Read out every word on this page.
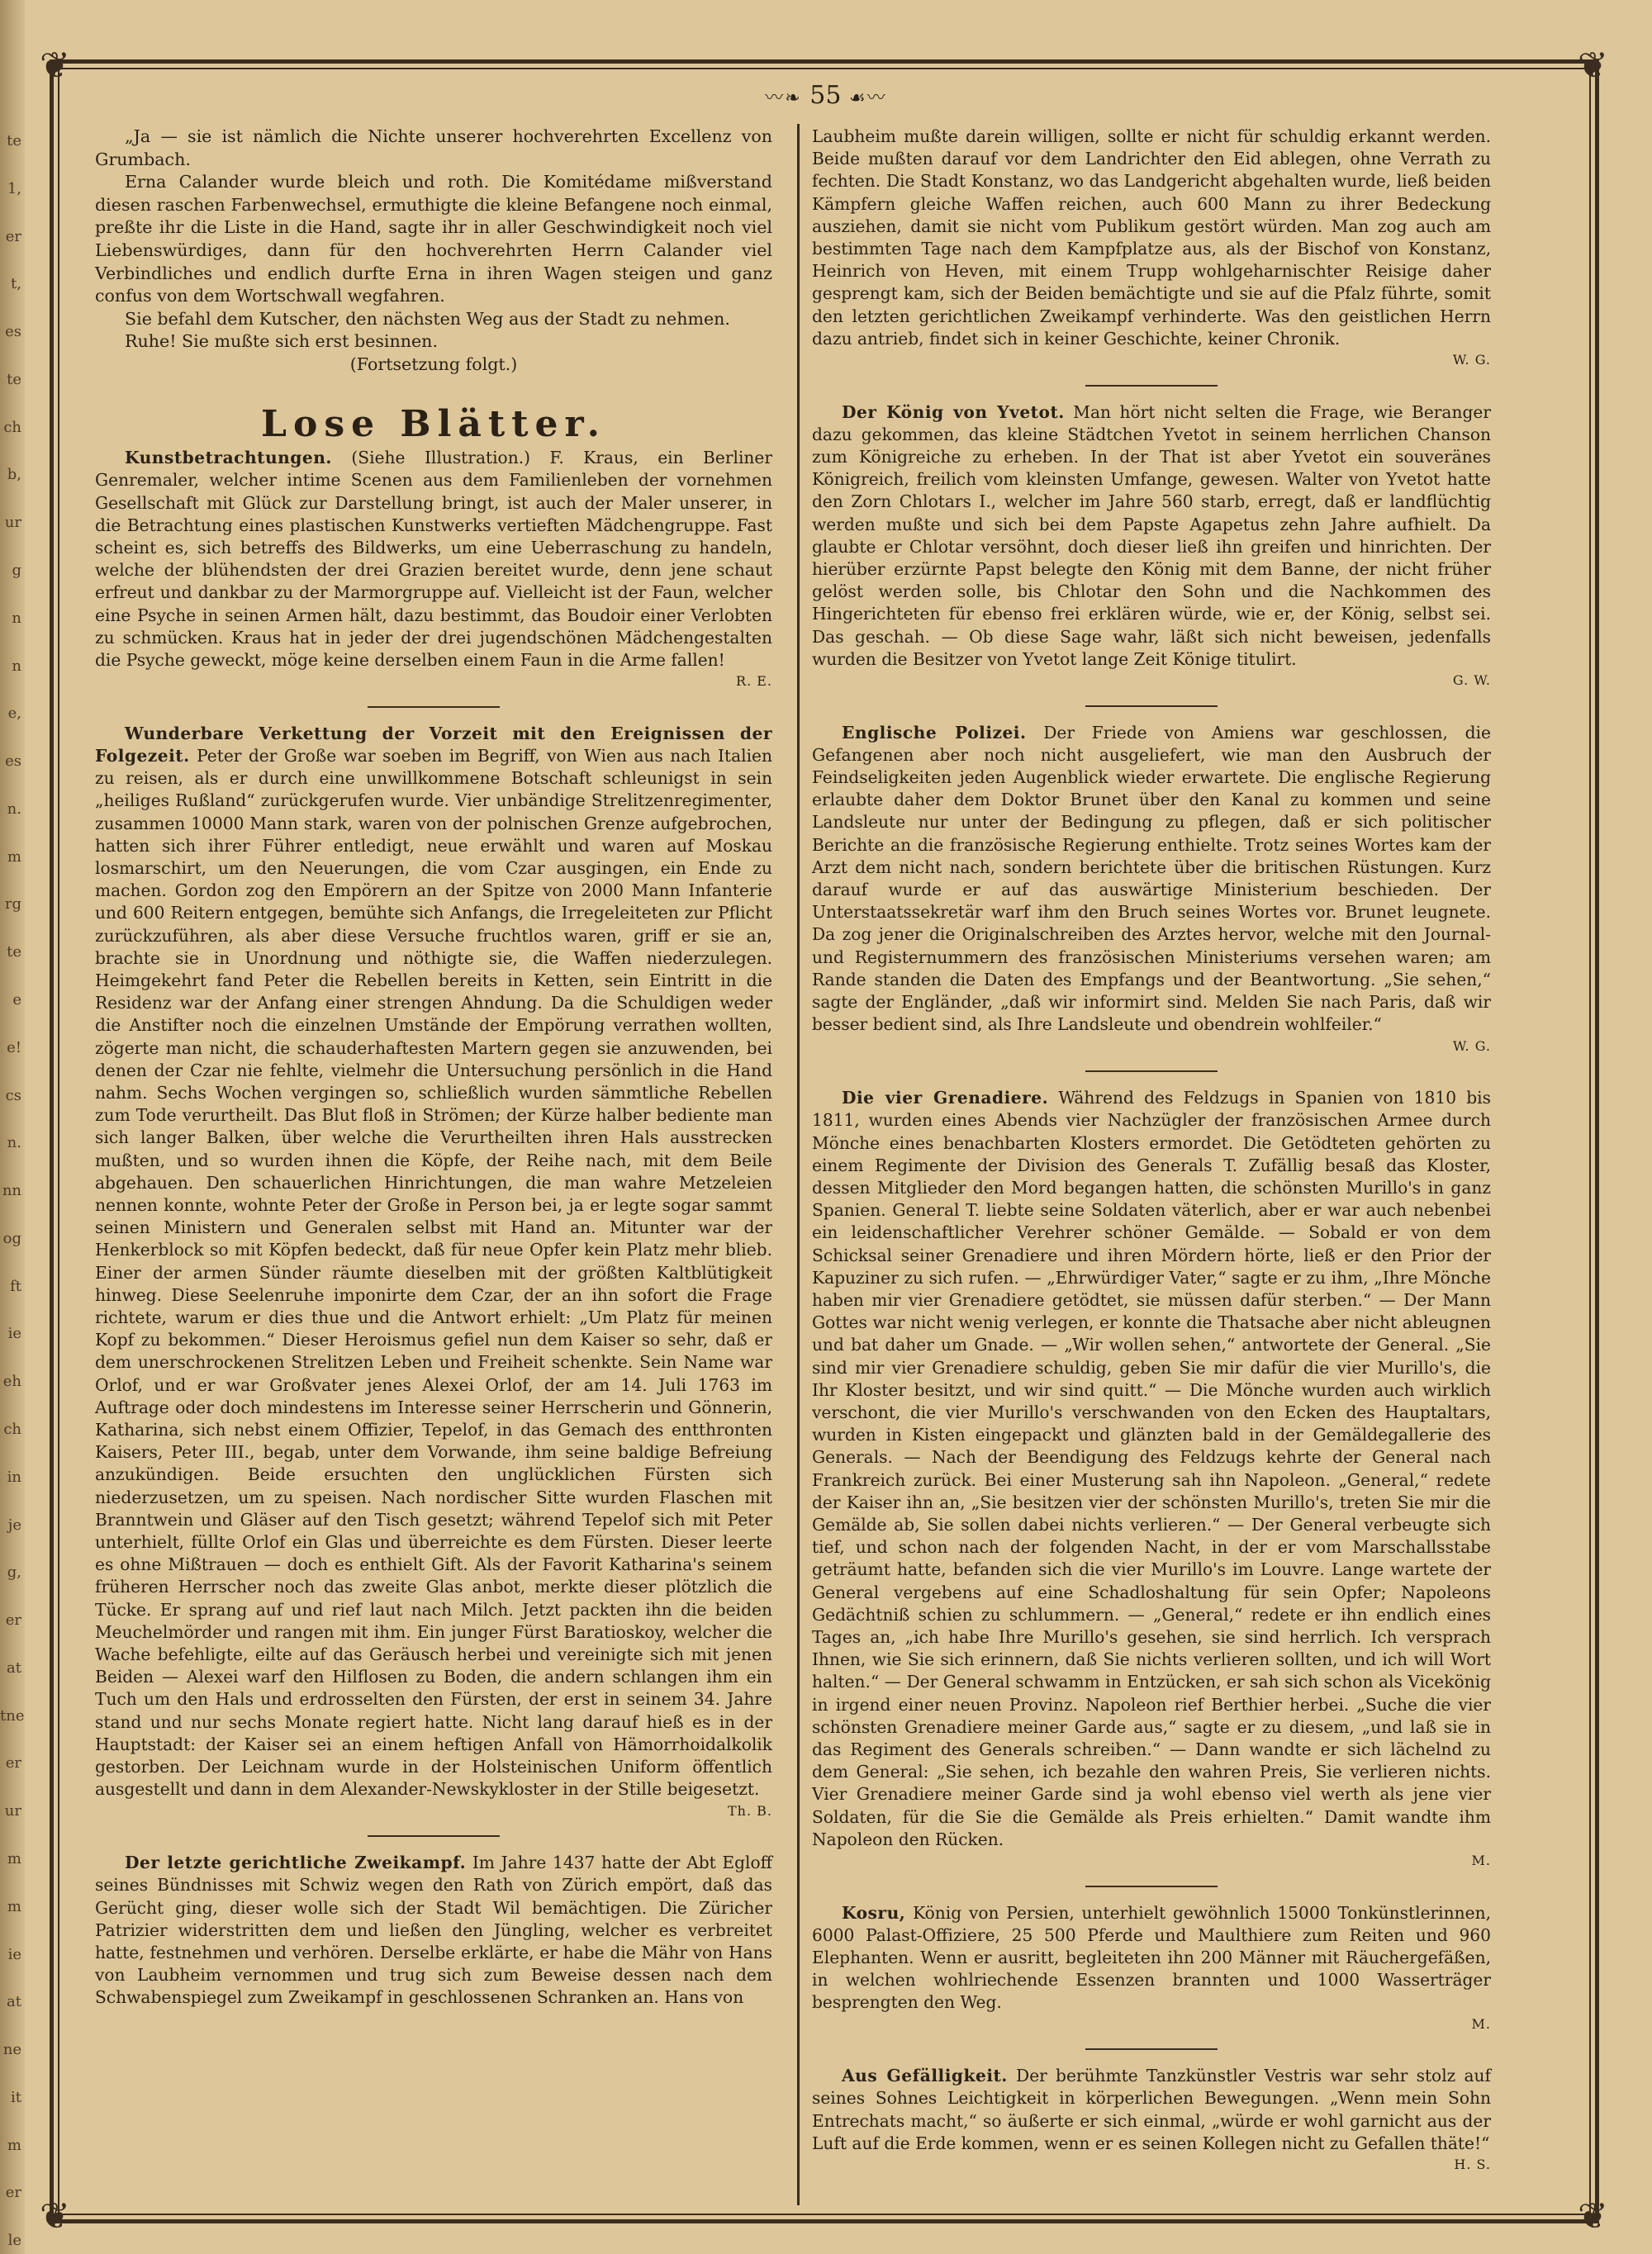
te
1,
er
t,
es
te
ch
b,
ur
g
n
n
e,
es
n.
m
rg
te
e
e!
cs
n.
nn
og
ft
ie
eh
ch
in
je
g,
er
at
tne
er
ur
m
m
ie
at
ne
it
m
er
le
❦	❦
❦	❦
〰❧ 55 ☙〰

„Ja — sie ist nämlich die Nichte unserer hochverehrten Excellenz von Grumbach.

Erna Calander wurde bleich und roth. Die Komitédame mißverstand diesen raschen Farbenwechsel, ermuthigte die kleine Befangene noch einmal, preßte ihr die Liste in die Hand, sagte ihr in aller Geschwindigkeit noch viel Liebenswürdiges, dann für den hochverehrten Herrn Calander viel Verbindliches und endlich durfte Erna in ihren Wagen steigen und ganz confus von dem Wortschwall wegfahren.

Sie befahl dem Kutscher, den nächsten Weg aus der Stadt zu nehmen.

Ruhe! Sie mußte sich erst besinnen.

(Fortsetzung folgt.)

Lose Blätter.

Kunstbetrachtungen. (Siehe Illustration.) F. Kraus, ein Berliner Genremaler, welcher intime Scenen aus dem Familienleben der vornehmen Gesellschaft mit Glück zur Darstellung bringt, ist auch der Maler unserer, in die Betrachtung eines plastischen Kunstwerks vertieften Mädchengruppe. Fast scheint es, sich betreffs des Bildwerks, um eine Ueberraschung zu handeln, welche der blühendsten der drei Grazien bereitet wurde, denn jene schaut erfreut und dankbar zu der Marmorgruppe auf. Vielleicht ist der Faun, welcher eine Psyche in seinen Armen hält, dazu bestimmt, das Boudoir einer Verlobten zu schmücken. Kraus hat in jeder der drei jugendschönen Mädchengestalten die Psyche geweckt, möge keine derselben einem Faun in die Arme fallen!

R. E.

Wunderbare Verkettung der Vorzeit mit den Ereignissen der Folgezeit. Peter der Große war soeben im Begriff, von Wien aus nach Italien zu reisen, als er durch eine unwillkommene Botschaft schleunigst in sein „heiliges Rußland“ zurückgerufen wurde. Vier unbändige Strelitzenregimenter, zusammen 10000 Mann stark, waren von der polnischen Grenze aufgebrochen, hatten sich ihrer Führer entledigt, neue erwählt und waren auf Moskau losmarschirt, um den Neuerungen, die vom Czar ausgingen, ein Ende zu machen. Gordon zog den Empörern an der Spitze von 2000 Mann Infanterie und 600 Reitern entgegen, bemühte sich Anfangs, die Irregeleiteten zur Pflicht zurückzuführen, als aber diese Versuche fruchtlos waren, griff er sie an, brachte sie in Unordnung und nöthigte sie, die Waffen niederzulegen. Heimgekehrt fand Peter die Rebellen bereits in Ketten, sein Eintritt in die Residenz war der Anfang einer strengen Ahndung. Da die Schuldigen weder die Anstifter noch die einzelnen Umstände der Empörung verrathen wollten, zögerte man nicht, die schauderhaftesten Martern gegen sie anzuwenden, bei denen der Czar nie fehlte, vielmehr die Untersuchung persönlich in die Hand nahm. Sechs Wochen vergingen so, schließlich wurden sämmtliche Rebellen zum Tode verurtheilt. Das Blut floß in Strömen; der Kürze halber bediente man sich langer Balken, über welche die Verurtheilten ihren Hals ausstrecken mußten, und so wurden ihnen die Köpfe, der Reihe nach, mit dem Beile abgehauen. Den schauerlichen Hinrichtungen, die man wahre Metzeleien nennen konnte, wohnte Peter der Große in Person bei, ja er legte sogar sammt seinen Ministern und Generalen selbst mit Hand an. Mitunter war der Henkerblock so mit Köpfen bedeckt, daß für neue Opfer kein Platz mehr blieb. Einer der armen Sünder räumte dieselben mit der größten Kaltblütigkeit hinweg. Diese Seelenruhe imponirte dem Czar, der an ihn sofort die Frage richtete, warum er dies thue und die Antwort erhielt: „Um Platz für meinen Kopf zu bekommen.“ Dieser Heroismus gefiel nun dem Kaiser so sehr, daß er dem unerschrockenen Strelitzen Leben und Freiheit schenkte. Sein Name war Orlof, und er war Großvater jenes Alexei Orlof, der am 14. Juli 1763 im Auftrage oder doch mindestens im Interesse seiner Herrscherin und Gönnerin, Katharina, sich nebst einem Offizier, Tepelof, in das Gemach des entthronten Kaisers, Peter III., begab, unter dem Vorwande, ihm seine baldige Befreiung anzukündigen. Beide ersuchten den unglücklichen Fürsten sich niederzusetzen, um zu speisen. Nach nordischer Sitte wurden Flaschen mit Branntwein und Gläser auf den Tisch gesetzt; während Tepelof sich mit Peter unterhielt, füllte Orlof ein Glas und überreichte es dem Fürsten. Dieser leerte es ohne Mißtrauen — doch es enthielt Gift. Als der Favorit Katharina's seinem früheren Herrscher noch das zweite Glas anbot, merkte dieser plötzlich die Tücke. Er sprang auf und rief laut nach Milch. Jetzt packten ihn die beiden Meuchelmörder und rangen mit ihm. Ein junger Fürst Baratioskoy, welcher die Wache befehligte, eilte auf das Geräusch herbei und vereinigte sich mit jenen Beiden — Alexei warf den Hilflosen zu Boden, die andern schlangen ihm ein Tuch um den Hals und erdrosselten den Fürsten, der erst in seinem 34. Jahre stand und nur sechs Monate regiert hatte. Nicht lang darauf hieß es in der Hauptstadt: der Kaiser sei an einem heftigen Anfall von Hämorrhoidalkolik gestorben. Der Leichnam wurde in der Holsteinischen Uniform öffentlich ausgestellt und dann in dem Alexander-Newskykloster in der Stille beigesetzt.

Th. B.

Der letzte gerichtliche Zweikampf. Im Jahre 1437 hatte der Abt Egloff seines Bündnisses mit Schwiz wegen den Rath von Zürich empört, daß das Gerücht ging, dieser wolle sich der Stadt Wil bemächtigen. Die Züricher Patrizier widerstritten dem und ließen den Jüngling, welcher es verbreitet hatte, festnehmen und verhören. Derselbe erklärte, er habe die Mähr von Hans von Laubheim vernommen und trug sich zum Beweise dessen nach dem Schwabenspiegel zum Zweikampf in geschlossenen Schranken an. Hans von

Laubheim mußte darein willigen, sollte er nicht für schuldig erkannt werden. Beide mußten darauf vor dem Landrichter den Eid ablegen, ohne Verrath zu fechten. Die Stadt Konstanz, wo das Landgericht abgehalten wurde, ließ beiden Kämpfern gleiche Waffen reichen, auch 600 Mann zu ihrer Bedeckung ausziehen, damit sie nicht vom Publikum gestört würden. Man zog auch am bestimmten Tage nach dem Kampfplatze aus, als der Bischof von Konstanz, Heinrich von Heven, mit einem Trupp wohlgeharnischter Reisige daher gesprengt kam, sich der Beiden bemächtigte und sie auf die Pfalz führte, somit den letzten gerichtlichen Zweikampf verhinderte. Was den geistlichen Herrn dazu antrieb, findet sich in keiner Geschichte, keiner Chronik.

W. G.

Der König von Yvetot. Man hört nicht selten die Frage, wie Beranger dazu gekommen, das kleine Städtchen Yvetot in seinem herrlichen Chanson zum Königreiche zu erheben. In der That ist aber Yvetot ein souveränes Königreich, freilich vom kleinsten Umfange, gewesen. Walter von Yvetot hatte den Zorn Chlotars I., welcher im Jahre 560 starb, erregt, daß er landflüchtig werden mußte und sich bei dem Papste Agapetus zehn Jahre aufhielt. Da glaubte er Chlotar versöhnt, doch dieser ließ ihn greifen und hinrichten. Der hierüber erzürnte Papst belegte den König mit dem Banne, der nicht früher gelöst werden solle, bis Chlotar den Sohn und die Nachkommen des Hingerichteten für ebenso frei erklären würde, wie er, der König, selbst sei. Das geschah. — Ob diese Sage wahr, läßt sich nicht beweisen, jedenfalls wurden die Besitzer von Yvetot lange Zeit Könige titulirt.

G. W.

Englische Polizei. Der Friede von Amiens war geschlossen, die Gefangenen aber noch nicht ausgeliefert, wie man den Ausbruch der Feindseligkeiten jeden Augenblick wieder erwartete. Die englische Regierung erlaubte daher dem Doktor Brunet über den Kanal zu kommen und seine Landsleute nur unter der Bedingung zu pflegen, daß er sich politischer Berichte an die französische Regierung enthielte. Trotz seines Wortes kam der Arzt dem nicht nach, sondern berichtete über die britischen Rüstungen. Kurz darauf wurde er auf das auswärtige Ministerium beschieden. Der Unterstaatssekretär warf ihm den Bruch seines Wortes vor. Brunet leugnete. Da zog jener die Originalschreiben des Arztes hervor, welche mit den Journal- und Registernummern des französischen Ministeriums versehen waren; am Rande standen die Daten des Empfangs und der Beantwortung. „Sie sehen,“ sagte der Engländer, „daß wir informirt sind. Melden Sie nach Paris, daß wir besser bedient sind, als Ihre Landsleute und obendrein wohlfeiler.“

W. G.

Die vier Grenadiere. Während des Feldzugs in Spanien von 1810 bis 1811, wurden eines Abends vier Nachzügler der französischen Armee durch Mönche eines benachbarten Klosters ermordet. Die Getödteten gehörten zu einem Regimente der Division des Generals T. Zufällig besaß das Kloster, dessen Mitglieder den Mord begangen hatten, die schönsten Murillo's in ganz Spanien. General T. liebte seine Soldaten väterlich, aber er war auch nebenbei ein leidenschaftlicher Verehrer schöner Gemälde. — Sobald er von dem Schicksal seiner Grenadiere und ihren Mördern hörte, ließ er den Prior der Kapuziner zu sich rufen. — „Ehrwürdiger Vater,“ sagte er zu ihm, „Ihre Mönche haben mir vier Grenadiere getödtet, sie müssen dafür sterben.“ — Der Mann Gottes war nicht wenig verlegen, er konnte die Thatsache aber nicht ableugnen und bat daher um Gnade. — „Wir wollen sehen,“ antwortete der General. „Sie sind mir vier Grenadiere schuldig, geben Sie mir dafür die vier Murillo's, die Ihr Kloster besitzt, und wir sind quitt.“ — Die Mönche wurden auch wirklich verschont, die vier Murillo's verschwanden von den Ecken des Hauptaltars, wurden in Kisten eingepackt und glänzten bald in der Gemäldegallerie des Generals. — Nach der Beendigung des Feldzugs kehrte der General nach Frankreich zurück. Bei einer Musterung sah ihn Napoleon. „General,“ redete der Kaiser ihn an, „Sie besitzen vier der schönsten Murillo's, treten Sie mir die Gemälde ab, Sie sollen dabei nichts verlieren.“ — Der General verbeugte sich tief, und schon nach der folgenden Nacht, in der er vom Marschallsstabe geträumt hatte, befanden sich die vier Murillo's im Louvre. Lange wartete der General vergebens auf eine Schadloshaltung für sein Opfer; Napoleons Gedächtniß schien zu schlummern. — „General,“ redete er ihn endlich eines Tages an, „ich habe Ihre Murillo's gesehen, sie sind herrlich. Ich versprach Ihnen, wie Sie sich erinnern, daß Sie nichts verlieren sollten, und ich will Wort halten.“ — Der General schwamm in Entzücken, er sah sich schon als Vicekönig in irgend einer neuen Provinz. Napoleon rief Berthier herbei. „Suche die vier schönsten Grenadiere meiner Garde aus,“ sagte er zu diesem, „und laß sie in das Regiment des Generals schreiben.“ — Dann wandte er sich lächelnd zu dem General: „Sie sehen, ich bezahle den wahren Preis, Sie verlieren nichts. Vier Grenadiere meiner Garde sind ja wohl ebenso viel werth als jene vier Soldaten, für die Sie die Gemälde als Preis erhielten.“ Damit wandte ihm Napoleon den Rücken.

M.

Kosru, König von Persien, unterhielt gewöhnlich 15000 Tonkünstlerinnen, 6000 Palast-Offiziere, 25 500 Pferde und Maulthiere zum Reiten und 960 Elephanten. Wenn er ausritt, begleiteten ihn 200 Männer mit Räuchergefäßen, in welchen wohlriechende Essenzen brannten und 1000 Wasserträger besprengten den Weg.

M.

Aus Gefälligkeit. Der berühmte Tanzkünstler Vestris war sehr stolz auf seines Sohnes Leichtigkeit in körperlichen Bewegungen. „Wenn mein Sohn Entrechats macht,“ so äußerte er sich einmal, „würde er wohl garnicht aus der Luft auf die Erde kommen, wenn er es seinen Kollegen nicht zu Gefallen thäte!“

H. S.
